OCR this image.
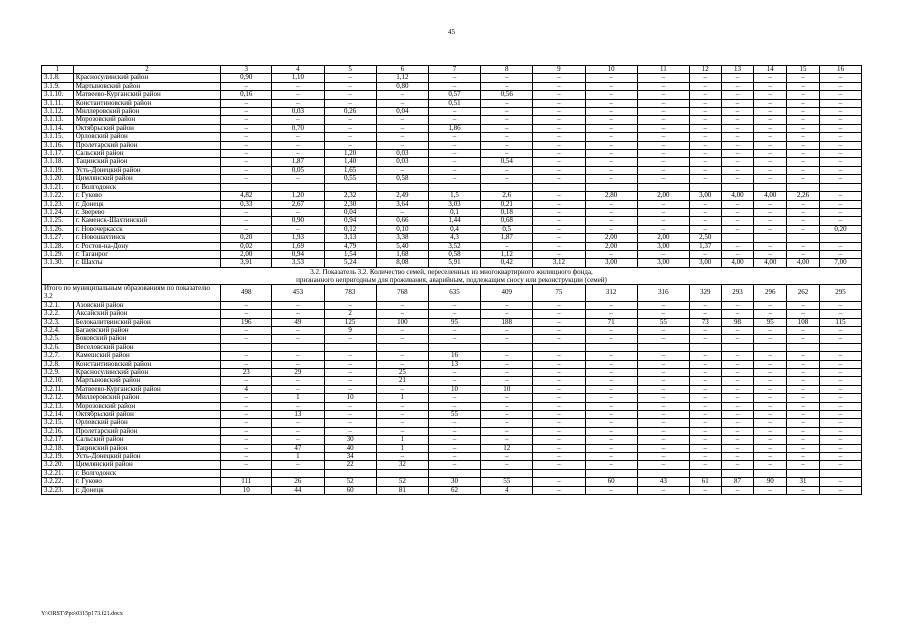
45
1	2	3	4	5	6	7	8	9	10	11	12	13	14	15	16
3.1.8.	Красносулинский район	0,90	1,10	–	1,12	–	–	–	–	–	–	–	–	–	–
3.1.9.	Мартыновский район	–	–	–	0,80	–	–	–	–	–	–	–	–	–	–
3.1.10.	Матвеево-Курганский район	0,16	–	–	–	0,57	0,56	–	–	–	–	–	–	–	–
3.1.11.	Константиновский район	–	–	–	–	0,51	–	–	–	–	–	–	–	–	–
3.1.12.	Миллеровский район	–	0,03	0,26	0,04	–	–	–	–	–	–	–	–	–	–
3.1.13.	Морозовский район	–	–	–	–	–	–	–	–	–	–	–	–	–	–
3.1.14.	Октябрьский район	–	0,70	–	–	1,86	–	–	–	–	–	–	–	–	–
3.1.15.	Орловский район	–	–	–	–	–	–	–	–	–	–	–	–	–	–
3.1.16.	Пролетарский район	–	–	–	–	–	–	–	–	–	–	–	–	–	–
3.1.17.	Сальский район	–	–	1,20	0,03	–	–	–	–	–	–	–	–	–	–
3.1.18.	Тацинский район	–	1,87	1,40	0,03	–	0,54	–	–	–	–	–	–	–	–
3.1.19.	Усть-Донецкий район	–	0,05	1,65	–	–	–	–	–	–	–	–	–	–	–
3.1.20.	Цимлянский район	–	–	0,55	0,58	–	–	–	–	–	–	–	–	–	–
3.1.21.	г. Волгодонск														
3.1.22.	г. Гуково	4,82	1,20	2,32	2,49	1,5	2,6	–	2,80	2,00	3,00	4,00	4,00	2,26	–
3.1.23.	г. Донецк	0,33	2,67	2,30	3,64	3,03	0,21	–	–	–	–	–	–	–	–
3.1.24.	г. Зверево	–	–	0,04	–	0,1	0,18	–	–	–	–	–	–	–	–
3.1.25.	г. Каменск-Шахтинский	–	0,90	0,94	0,66	1,44	0,68	–	–	–	–	–	–	–	–
3.1.26.	г. Новочеркасск	–	–	0,12	0,10	0,4	0,5	–	–	–	–	–	–	–	0,20
3.1.27.	г. Новошахтинск	0,20	1,93	3,13	3,38	4,3	1,87	–	2,00	2,00	2,50				
3.1.28.	г. Ростов-на-Дону	0,02	1,69	4,79	5,40	3,52	–	–	2,00	3,00	1,37	–	–	–	–
3.1.29.	г. Таганрог	2,00	0,94	1,54	1,68	0,58	1,12	–	–	–	–	–	–	–	–
3.1.30.	г. Шахты	3,91	3,53	5,24	8,08	5,91	0,42	3,12	3,00	3,00	3,00	4,00	4,00	4,00	7,00

3.2. Показатель 3.2. Количество семей, переселенных из многоквартирного жилищного фонда,
признанного непригодным для проживания, аварийным, подлежащим сносу или реконструкции (семей)															

Итого по муниципальным образованиям по показателю 3.2		498	453	783	768	635	409	75	312	316	329	293	296	262	295
3.2.1.	Азовский район	–	–	–	–	–	–	–	–	–	–	–	–	–	–
3.2.2.	Аксайский район	–	–	2	–	–	–	–	–	–	–	–	–	–	–
3.2.3.	Белокалитвинский район	196	49	125	100	95	188	–	71	55	73	98	95	108	115
3.2.4.	Багаевский район	–	–	9	–	–	–	–	–	–	–	–	–	–	–
3.2.5.	Боковский район	–	–	–	–	–	–	–	–	–	–	–	–	–	–
3.2.6.	Веселовский район														
3.2.7.	Камешский район	–	–	–	–	16	–	–	–	–	–	–	–	–	–
3.2.8.	Константиновский район	–	–	–	–	13	–	–	–	–	–	–	–	–	–
3.2.9.	Красносулинский район	23	29	–	25	–	–	–	–	–	–	–	–	–	–
3.2.10.	Мартыновский район	–	–	–	21	–	–	–	–	–	–	–	–	–	–
3.2.11.	Матвеево-Курганский район	4	–	–	–	10	10	–	–	–	–	–	–	–	–
3.2.12.	Миллеровский район	–	1	10	1	–	–	–	–	–	–	–	–	–	–
3.2.13.	Морозовский район	–	–	–	–	–	–	–	–	–	–	–	–	–	–
3.2.14.	Октябрьский район	–	13	–	–	55	–	–	–	–	–	–	–	–	–
3.2.15.	Орловский район	–	–	–	–	–	–	–	–	–	–	–	–	–	–
3.2.16.	Пролетарский район	–	–	–	–	–	–	–	–	–	–	–	–	–	–
3.2.17.	Сальский район	–	–	30	1	–	–	–	–	–	–	–	–	–	–
3.2.18.	Тацинский район	–	47	40	1	–	12	–	–	–	–	–	–	–	–
3.2.19.	Усть-Донецкий район	–	1	34	–	–	–	–	–	–	–	–	–	–	–
3.2.20.	Цимлянский район	–	–	22	32	–	–	–	–	–	–	–	–	–	–
3.2.21.	г. Волгодонск														
3.2.22.	г. Гуково	111	26	52	52	30	55	–	60	43	61	87	90	31	–
3.2.23.	г. Донецк	10	44	60	81	62	4	–	–	–	–	–	–	–	–
Y:\ORST\Ppo\0315p173.f21.docx
